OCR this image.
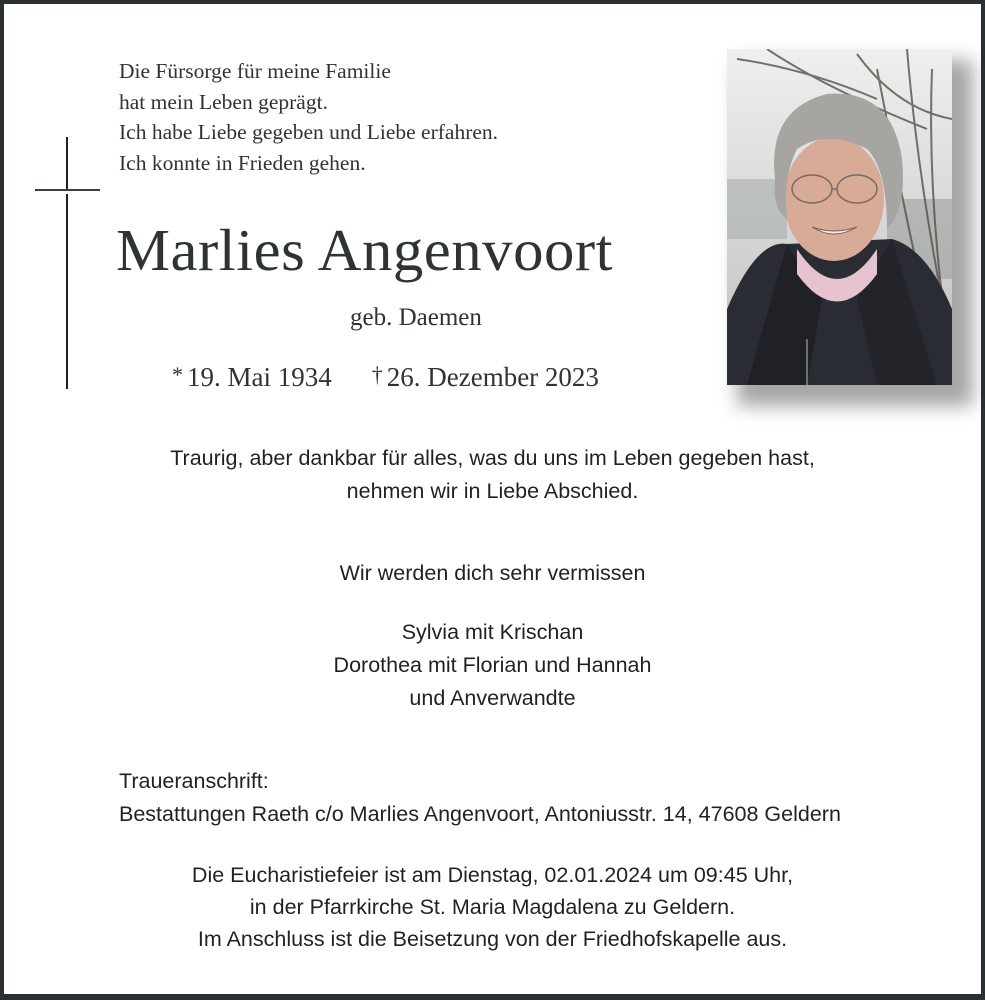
Die Fürsorge für meine Familie
hat mein Leben geprägt.
Ich habe Liebe gegeben und Liebe erfahren.
Ich konnte in Frieden gehen.
Marlies Angenvoort
geb. Daemen
* 19. Mai 1934 † 26. Dezember 2023
Traurig, aber dankbar für alles, was du uns im Leben gegeben hast,
nehmen wir in Liebe Abschied.
Wir werden dich sehr vermissen
Sylvia mit Krischan
Dorothea mit Florian und Hannah
und Anverwandte
Traueranschrift:
Bestattungen Raeth c/o Marlies Angenvoort, Antoniusstr. 14, 47608 Geldern
Die Eucharistiefeier ist am Dienstag, 02.01.2024 um 09:45 Uhr,
in der Pfarrkirche St. Maria Magdalena zu Geldern.
Im Anschluss ist die Beisetzung von der Friedhofskapelle aus.
